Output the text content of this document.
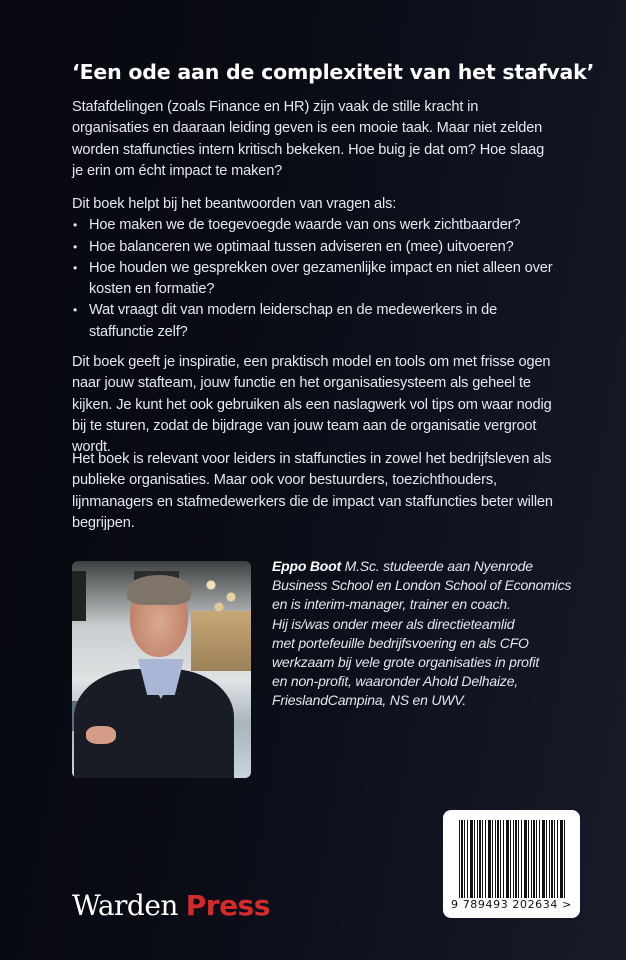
‘Een ode aan de complexiteit van het stafvak’

Stafafdelingen (zoals Finance en HR) zijn vaak de stille kracht in organisaties en daaraan leiding geven is een mooie taak. Maar niet zelden worden staffuncties intern kritisch bekeken. Hoe buig je dat om? Hoe slaag je erin om écht impact te maken?

Dit boek helpt bij het beantwoorden van vragen als:

• Hoe maken we de toegevoegde waarde van ons werk zichtbaarder?
• Hoe balanceren we optimaal tussen adviseren en (mee) uitvoeren?
• Hoe houden we gesprekken over gezamenlijke impact en niet alleen over kosten en formatie?
• Wat vraagt dit van modern leiderschap en de medewerkers in de staffunctie zelf?

Dit boek geeft je inspiratie, een praktisch model en tools om met frisse ogen naar jouw stafteam, jouw functie en het organisatiesysteem als geheel te kijken. Je kunt het ook gebruiken als een naslagwerk vol tips om waar nodig bij te sturen, zodat de bijdrage van jouw team aan de organisatie vergroot wordt.

Het boek is relevant voor leiders in staffuncties in zowel het bedrijfsleven als publieke organisaties. Maar ook voor bestuurders, toezichthouders, lijnmanagers en stafmedewerkers die de impact van staffuncties beter willen begrijpen.

Eppo Boot M.Sc. studeerde aan Nyenrode
Business School en London School of Economics
en is interim-manager, trainer en coach.
Hij is/was onder meer als directieteamlid
met portefeuille bedrijfsvoering en als CFO
werkzaam bij vele grote organisaties in profit
en non-profit, waaronder Ahold Delhaize,
FrieslandCampina, NS en UWV.
Warden Press	9 789493 202634 >
